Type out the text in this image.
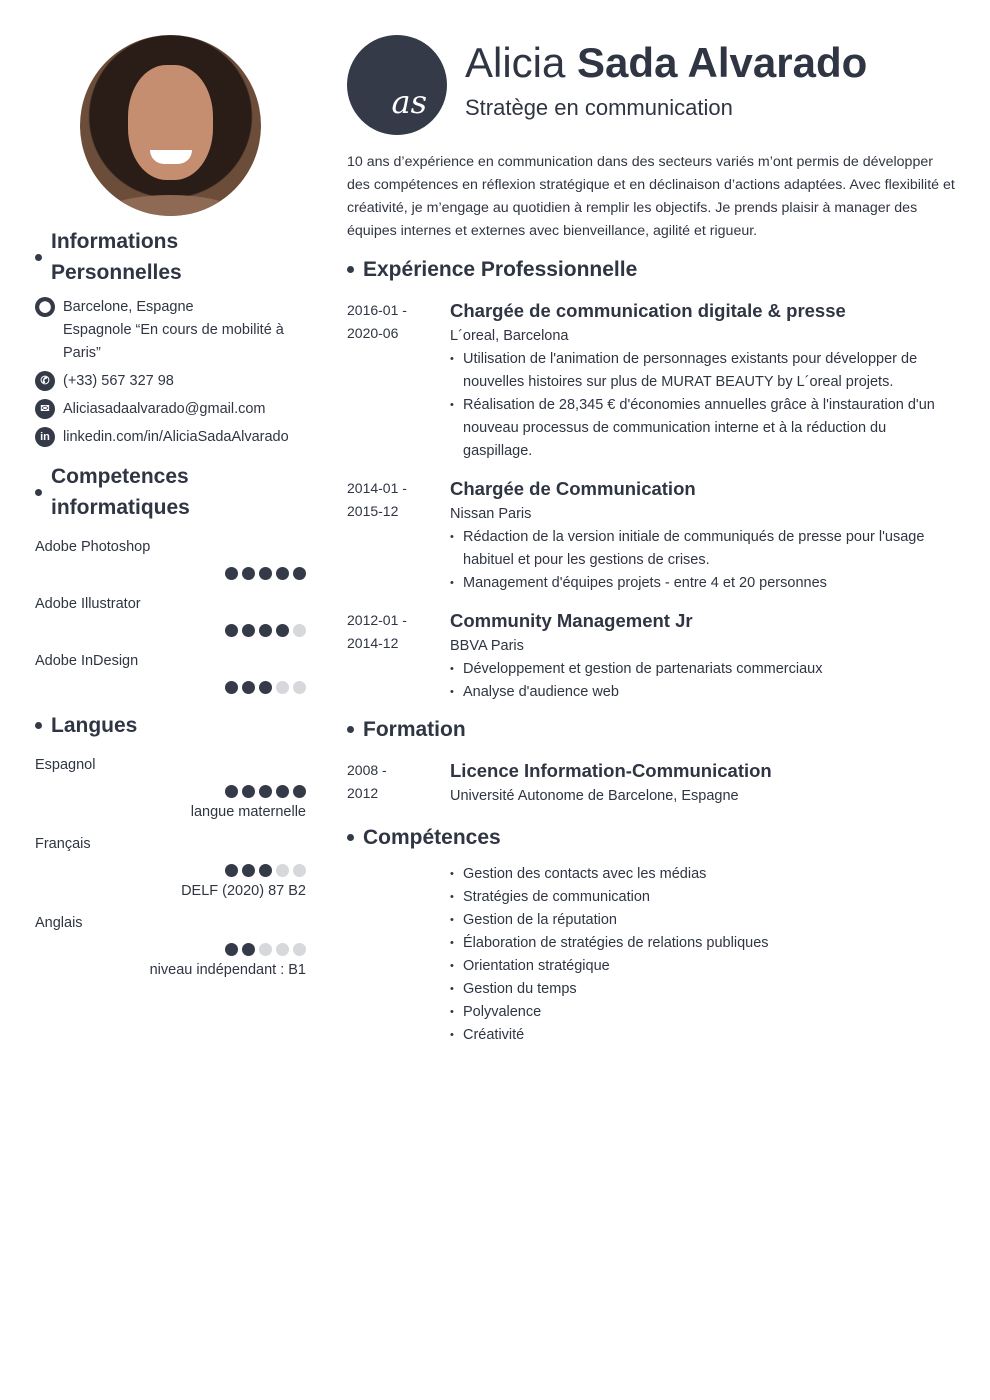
Informations Personnelles
⬤ Barcelone, Espagne
Espagnole “En cours de mobilité à Paris”
✆ (+33) 567 327 98
✉ Aliciasadaalvarado@gmail.com
in linkedin.com/in/AliciaSadaAlvarado
Competences informatiques
Adobe Photoshop
Adobe Illustrator
Adobe InDesign
Langues
Espagnol
langue maternelle
Français
DELF (2020) 87 B2
Anglais
niveau indépendant : B1
as
Alicia Sada Alvarado
Stratège en communication
10 ans d’expérience en communication dans des secteurs variés m’ont permis de développer des compétences en réflexion stratégique et en déclinaison d’actions adaptées. Avec flexibilité et créativité, je m’engage au quotidien à remplir les objectifs. Je prends plaisir à manager des équipes internes et externes avec bienveillance, agilité et rigueur.
Expérience Professionnelle
2016-01 -
2020-06
Chargée de communication digitale & presse
L´oreal, Barcelona
• Utilisation de l'animation de personnages existants pour développer de nouvelles histoires sur plus de MURAT BEAUTY by L´oreal projets.
• Réalisation de 28,345 € d'économies annuelles grâce à l'instauration d'un nouveau processus de communication interne et à la réduction du gaspillage.
2014-01 -
2015-12
Chargée de Communication
Nissan Paris
• Rédaction de la version initiale de communiqués de presse pour l'usage habituel et pour les gestions de crises.
• Management d'équipes projets - entre 4 et 20 personnes
2012-01 -
2014-12
Community Management Jr
BBVA Paris
• Développement et gestion de partenariats commerciaux
• Analyse d'audience web
Formation
2008 -
2012
Licence Information-Communication
Université Autonome de Barcelone, Espagne
Compétences
• Gestion des contacts avec les médias
• Stratégies de communication
• Gestion de la réputation
• Élaboration de stratégies de relations publiques
• Orientation stratégique
• Gestion du temps
• Polyvalence
• Créativité
